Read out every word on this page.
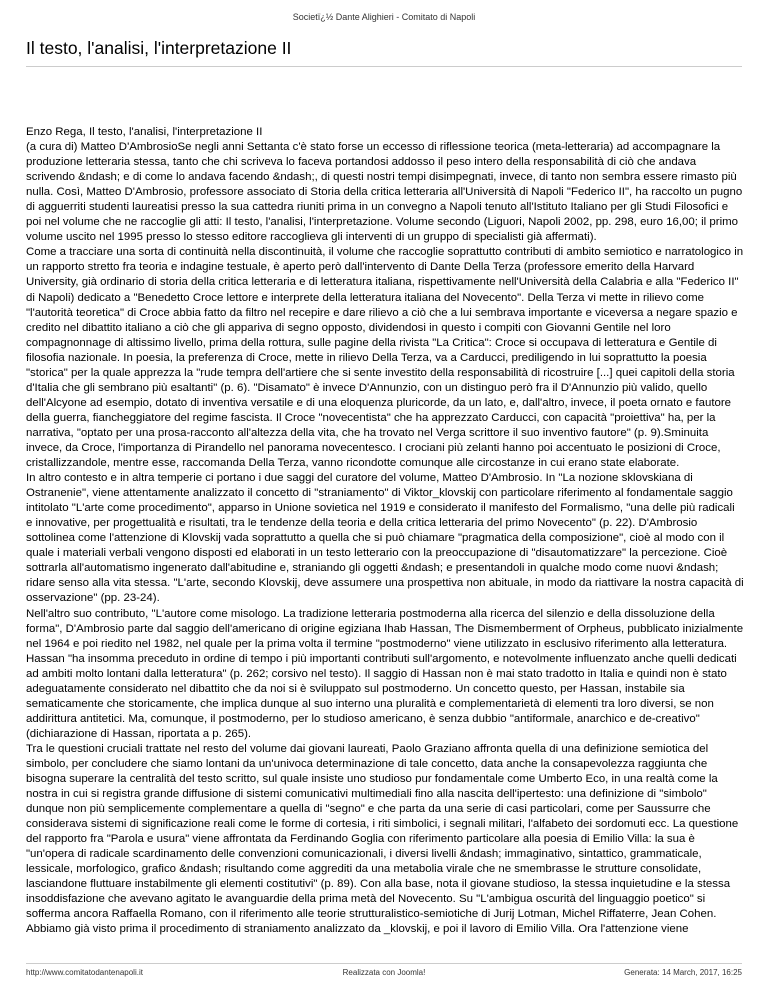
Societï¿½ Dante Alighieri - Comitato di Napoli
Il testo, l'analisi, l'interpretazione II

Enzo Rega, Il testo, l'analisi, l'interpretazione II

(a cura di) Matteo D'AmbrosioSe negli anni Settanta c'è stato forse un eccesso di riflessione teorica (meta-letteraria) ad accompagnare la produzione letteraria stessa, tanto che chi scriveva lo faceva portandosi addosso il peso intero della responsabilità di ciò che andava scrivendo &ndash; e di come lo andava facendo &ndash;, di questi nostri tempi disimpegnati, invece, di tanto non sembra essere rimasto più nulla. Così, Matteo D'Ambrosio, professore associato di Storia della critica letteraria all'Università di Napoli "Federico II", ha raccolto un pugno di agguerriti studenti laureatisi presso la sua cattedra riuniti prima in un convegno a Napoli tenuto all'Istituto Italiano per gli Studi Filosofici e poi nel volume che ne raccoglie gli atti: Il testo, l'analisi, l'interpretazione. Volume secondo (Liguori, Napoli 2002, pp. 298, euro 16,00; il primo volume uscito nel 1995 presso lo stesso editore raccoglieva gli interventi di un gruppo di specialisti già affermati).

Come a tracciare una sorta di continuità nella discontinuità, il volume che raccoglie soprattutto contributi di ambito semiotico e narratologico in un rapporto stretto fra teoria e indagine testuale, è aperto però dall'intervento di Dante Della Terza (professore emerito della Harvard University, già ordinario di storia della critica letteraria e di letteratura italiana, rispettivamente nell'Università della Calabria e alla "Federico II" di Napoli) dedicato a "Benedetto Croce lettore e interprete della letteratura italiana del Novecento". Della Terza vi mette in rilievo come "l'autorità teoretica" di Croce abbia fatto da filtro nel recepire e dare rilievo a ciò che a lui sembrava importante e viceversa a negare spazio e credito nel dibattito italiano a ciò che gli appariva di segno opposto, dividendosi in questo i compiti con Giovanni Gentile nel loro compagnonnage di altissimo livello, prima della rottura, sulle pagine della rivista "La Critica": Croce si occupava di letteratura e Gentile di filosofia nazionale. In poesia, la preferenza di Croce, mette in rilievo Della Terza, va a Carducci, prediligendo in lui soprattutto la poesia "storica" per la quale apprezza la "rude tempra dell'artiere che si sente investito della responsabilità di ricostruire [...] quei capitoli della storia d'Italia che gli sembrano più esaltanti" (p. 6). "Disamato" è invece D'Annunzio, con un distinguo però fra il D'Annunzio più valido, quello dell'Alcyone ad esempio, dotato di inventiva versatile e di una eloquenza pluricorde, da un lato, e, dall'altro, invece, il poeta ornato e fautore della guerra, fiancheggiatore del regime fascista. Il Croce "novecentista" che ha apprezzato Carducci, con capacità "proiettiva" ha, per la narrativa, "optato per una prosa-racconto all'altezza della vita, che ha trovato nel Verga scrittore il suo inventivo fautore" (p. 9).Sminuita invece, da Croce, l'importanza di Pirandello nel panorama novecentesco. I crociani più zelanti hanno poi accentuato le posizioni di Croce, cristallizzandole, mentre esse, raccomanda Della Terza, vanno ricondotte comunque alle circostanze in cui erano state elaborate.

In altro contesto e in altra temperie ci portano i due saggi del curatore del volume, Matteo D'Ambrosio. In "La nozione sklovskiana di Ostranenie", viene attentamente analizzato il concetto di "straniamento" di Viktor_klovskij con particolare riferimento al fondamentale saggio intitolato "L'arte come procedimento", apparso in Unione sovietica nel 1919 e considerato il manifesto del Formalismo, "una delle più radicali e innovative, per progettualità e risultati, tra le tendenze della teoria e della critica letteraria del primo Novecento" (p. 22). D'Ambrosio sottolinea come l'attenzione di Klovskij vada soprattutto a quella che si può chiamare "pragmatica della composizione", cioè al modo con il quale i materiali verbali vengono disposti ed elaborati in un testo letterario con la preoccupazione di "disautomatizzare" la percezione. Cioè sottrarla all'automatismo ingenerato dall'abitudine e, straniando gli oggetti &ndash; e presentandoli in qualche modo come nuovi &ndash; ridare senso alla vita stessa. "L'arte, secondo Klovskij, deve assumere una prospettiva non abituale, in modo da riattivare la nostra capacità di osservazione" (pp. 23-24).

Nell'altro suo contributo, "L'autore come misologo. La tradizione letteraria postmoderna alla ricerca del silenzio e della dissoluzione della forma", D'Ambrosio parte dal saggio dell'americano di origine egiziana Ihab Hassan, The Dismemberment of Orpheus, pubblicato inizialmente nel 1964 e poi riedito nel 1982, nel quale per la prima volta il termine "postmoderno" viene utilizzato in esclusivo riferimento alla letteratura. Hassan "ha insomma preceduto in ordine di tempo i più importanti contributi sull'argomento, e notevolmente influenzato anche quelli dedicati ad ambiti molto lontani dalla letteratura" (p. 262; corsivo nel testo). Il saggio di Hassan non è mai stato tradotto in Italia e quindi non è stato adeguatamente considerato nel dibattito che da noi si è sviluppato sul postmoderno. Un concetto questo, per Hassan, instabile sia sematicamente che storicamente, che implica dunque al suo interno una pluralità e complementarietà di elementi tra loro diversi, se non addirittura antitetici. Ma, comunque, il postmoderno, per lo studioso americano, è senza dubbio "antiformale, anarchico e de-creativo" (dichiarazione di Hassan, riportata a p. 265).

Tra le questioni cruciali trattate nel resto del volume dai giovani laureati, Paolo Graziano affronta quella di una definizione semiotica del simbolo, per concludere che siamo lontani da un'univoca determinazione di tale concetto, data anche la consapevolezza raggiunta che bisogna superare la centralità del testo scritto, sul quale insiste uno studioso pur fondamentale come Umberto Eco, in una realtà come la nostra in cui si registra grande diffusione di sistemi comunicativi multimediali fino alla nascita dell'ipertesto: una definizione di "simbolo" dunque non più semplicemente complementare a quella di "segno" e che parta da una serie di casi particolari, come per Saussurre che considerava sistemi di significazione reali come le forme di cortesia, i riti simbolici, i segnali militari, l'alfabeto dei sordomuti ecc. La questione del rapporto fra "Parola e usura" viene affrontata da Ferdinando Goglia con riferimento particolare alla poesia di Emilio Villa: la sua è "un'opera di radicale scardinamento delle convenzioni comunicazionali, i diversi livelli &ndash; immaginativo, sintattico, grammaticale, lessicale, morfologico, grafico &ndash; risultando come aggrediti da una metabolia virale che ne smembrasse le strutture consolidate, lasciandone fluttuare instabilmente gli elementi costitutivi" (p. 89). Con alla base, nota il giovane studioso, la stessa inquietudine e la stessa insoddisfazione che avevano agitato le avanguardie della prima metà del Novecento. Su "L'ambigua oscurità del linguaggio poetico" si sofferma ancora Raffaella Romano, con il riferimento alle teorie strutturalistico-semiotiche di Jurij Lotman, Michel Riffaterre, Jean Cohen. Abbiamo già visto prima il procedimento di straniamento analizzato da _klovskij, e poi il lavoro di Emilio Villa. Ora l'attenzione viene

http://www.comitatodantenapoli.it	Realizzata con Joomla!	Generata: 14 March, 2017, 16:25
